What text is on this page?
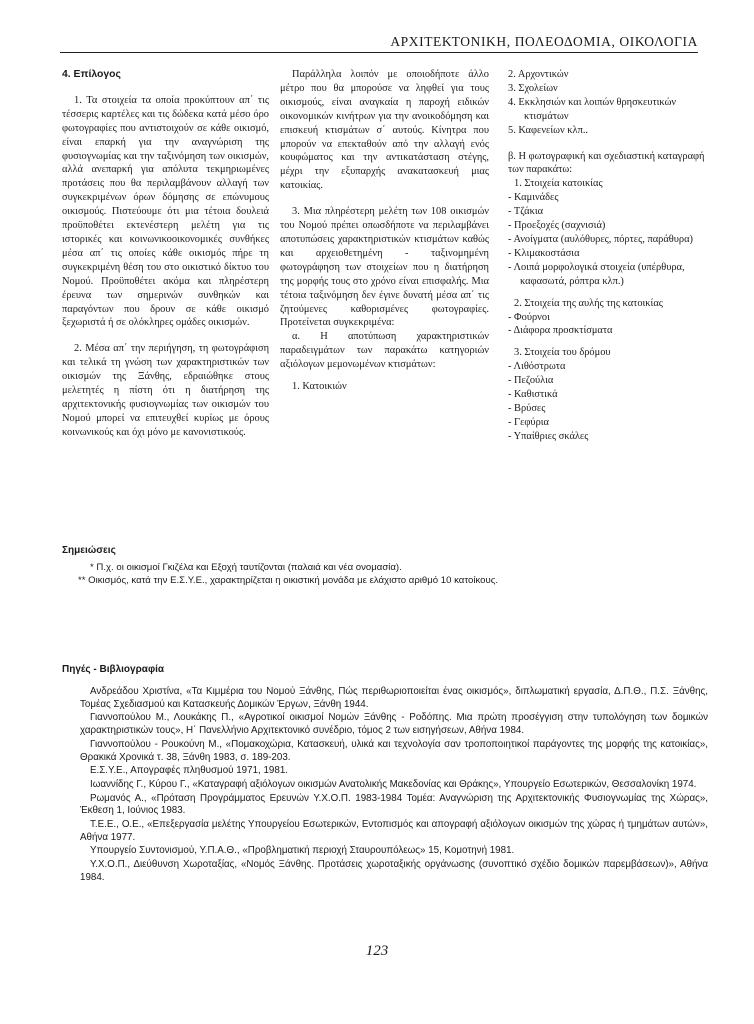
ΑΡΧΙΤΕΚΤΟΝΙΚΗ, ΠΟΛΕΟΔΟΜΙΑ, ΟΙΚΟΛΟΓΙΑ
4. Επίλογος

1. Τα στοιχεία τα οποία προκύπτουν απ΄ τις τέσσερις καρτέλες και τις δώδεκα κατά μέσο όρο φωτογραφίες που αντιστοιχούν σε κάθε οικισμό, είναι επαρκή για την αναγνώριση της φυσιογνωμίας και την ταξινόμηση των οικισμών, αλλά ανεπαρκή για απόλυτα τεκμηριωμένες προτάσεις που θα περιλαμβάνουν αλλαγή των συγκεκριμένων όρων δόμησης σε επώνυμους οικισμούς. Πιστεύουμε ότι μια τέτοια δουλειά προϋποθέτει εκτενέστερη μελέτη για τις ιστορικές και κοινωνικοοικονομικές συνθήκες μέσα απ΄ τις οποίες κάθε οικισμός πήρε τη συγκεκριμένη θέση του στο οικιστικό δίκτυο του Νομού. Προϋποθέτει ακόμα και πληρέστερη έρευνα των σημερινών συνθηκών και παραγόντων που δρουν σε κάθε οικισμό ξεχωριστά ή σε ολόκληρες ομάδες οικισμών.

2. Μέσα απ΄ την περιήγηση, τη φωτογράφιση και τελικά τη γνώση των χαρακτηριστικών των οικισμών της Ξάνθης, εδραιώθηκε στους μελετητές η πίστη ότι η διατήρηση της αρχιτεκτονικής φυσιογνωμίας των οικισμών του Νομού μπορεί να επιτευχθεί κυρίως με όρους κοινωνικούς και όχι μόνο με κανονιστικούς.

Παράλληλα λοιπόν με οποιοδήποτε άλλο μέτρο που θα μπορούσε να ληφθεί για τους οικισμούς, είναι αναγκαία η παροχή ειδικών οικονομικών κινήτρων για την ανοικοδόμηση και επισκευή κτισμάτων σ΄ αυτούς. Κίνητρα που μπορούν να επεκταθούν από την αλλαγή ενός κουφώματος και την αντικατάσταση στέγης, μέχρι την εξυπαρχής ανακατασκευή μιας κατοικίας.

3. Μια πληρέστερη μελέτη των 108 οικισμών του Νομού πρέπει οπωσδήποτε να περιλαμβάνει αποτυπώσεις χαρακτηριστικών κτισμάτων καθώς και αρχειοθετημένη - ταξινομημένη φωτογράφηση των στοιχείων που η διατήρηση της μορφής τους στο χρόνο είναι επισφαλής. Μια τέτοια ταξινόμηση δεν έγινε δυνατή μέσα απ΄ τις ζητούμενες καθορισμένες φωτογραφίες. Προτείνεται συγκεκριμένα:

α. Η αποτύπωση χαρακτηριστικών παραδειγμάτων των παρακάτω κατηγοριών αξιόλογων μεμονωμένων κτισμάτων:

1. Κατοικιών
2. Αρχοντικών
3. Σχολείων
4. Εκκλησιών και λοιπών θρησκευτικών κτισμάτων
5. Καφενείων κλπ..

β. Η φωτογραφική και σχεδιαστική καταγραφή των παρακάτω:

1. Στοιχεία κατοικίας
- Καμινάδες
- Τζάκια
- Προεξοχές (σαχνισιά)
- Ανοίγματα (αυλόθυρες, πόρτες, παράθυρα)
- Κλιμακοστάσια
- Λοιπά μορφολογικά στοιχεία (υπέρθυρα, καφασωτά, ρόπτρα κλπ.)
2. Στοιχεία της αυλής της κατοικίας
- Φούρνοι
- Διάφορα προσκτίσματα
3. Στοιχεία του δρόμου
- Λιθόστρωτα
- Πεζούλια
- Καθιστικά
- Βρύσες
- Γεφύρια
- Υπαίθριες σκάλες
Σημειώσεις

* Π.χ. οι οικισμοί Γκιζέλα και Εξοχή ταυτίζονται (παλαιά και νέα ονομασία).

** Οικισμός, κατά την Ε.Σ.Υ.Ε., χαρακτηρίζεται η οικιστική μονάδα με ελάχιστο αριθμό 10 κατοίκους.

Πηγές - Βιβλιογραφία

Ανδρεάδου Χριστίνα, «Τα Κιμμέρια του Νομού Ξάνθης, Πώς περιθωριοποιείται ένας οικισμός», διπλωματική εργασία, Δ.Π.Θ., Π.Σ. Ξάνθης, Τομέας Σχεδιασμού και Κατασκευής Δομικών Έργων, Ξάνθη 1944.

Γιαννοπούλου Μ., Λουκάκης Π., «Αγροτικοί οικισμοί Νομών Ξάνθης - Ροδόπης. Μια πρώτη προσέγγιση στην τυπολόγηση των δομικών χαρακτηριστικών τους», Η΄ Πανελλήνιο Αρχιτεκτονικό συνέδριο, τόμος 2 των εισηγήσεων, Αθήνα 1984.

Γιαννοπούλου - Ρουκούνη Μ., «Πομακοχώρια, Κατασκευή, υλικά και τεχνολογία σαν τροποποιητικοί παράγοντες της μορφής της κατοικίας», Θρακικά Χρονικά τ. 38, Ξάνθη 1983, σ. 189-203.

Ε.Σ.Υ.Ε., Απογραφές πληθυσμού 1971, 1981.

Ιωαννίδης Γ., Κύρου Γ., «Καταγραφή αξιόλογων οικισμών Ανατολικής Μακεδονίας και Θράκης», Υπουργείο Εσωτερικών, Θεσσαλονίκη 1974.

Ρωμανός Α., «Πρόταση Προγράμματος Ερευνών Υ.Χ.Ο.Π. 1983-1984 Τομέα: Αναγνώριση της Αρχιτεκτονικής Φυσιογνωμίας της Χώρας», Έκθεση 1, Ιούνιος 1983.

Τ.Ε.Ε., Ο.Ε., «Επεξεργασία μελέτης Υπουργείου Εσωτερικών, Εντοπισμός και απογραφή αξιόλογων οικισμών της χώρας ή τμημάτων αυτών», Αθήνα 1977.

Υπουργείο Συντονισμού, Υ.Π.Α.Θ., «Προβληματική περιοχή Σταυρουπόλεως» 15, Κομοτηνή 1981.

Υ.Χ.Ο.Π., Διεύθυνση Χωροταξίας, «Νομός Ξάνθης. Προτάσεις χωροταξικής οργάνωσης (συνοπτικό σχέδιο δομικών παρεμβάσεων)», Αθήνα 1984.

123
